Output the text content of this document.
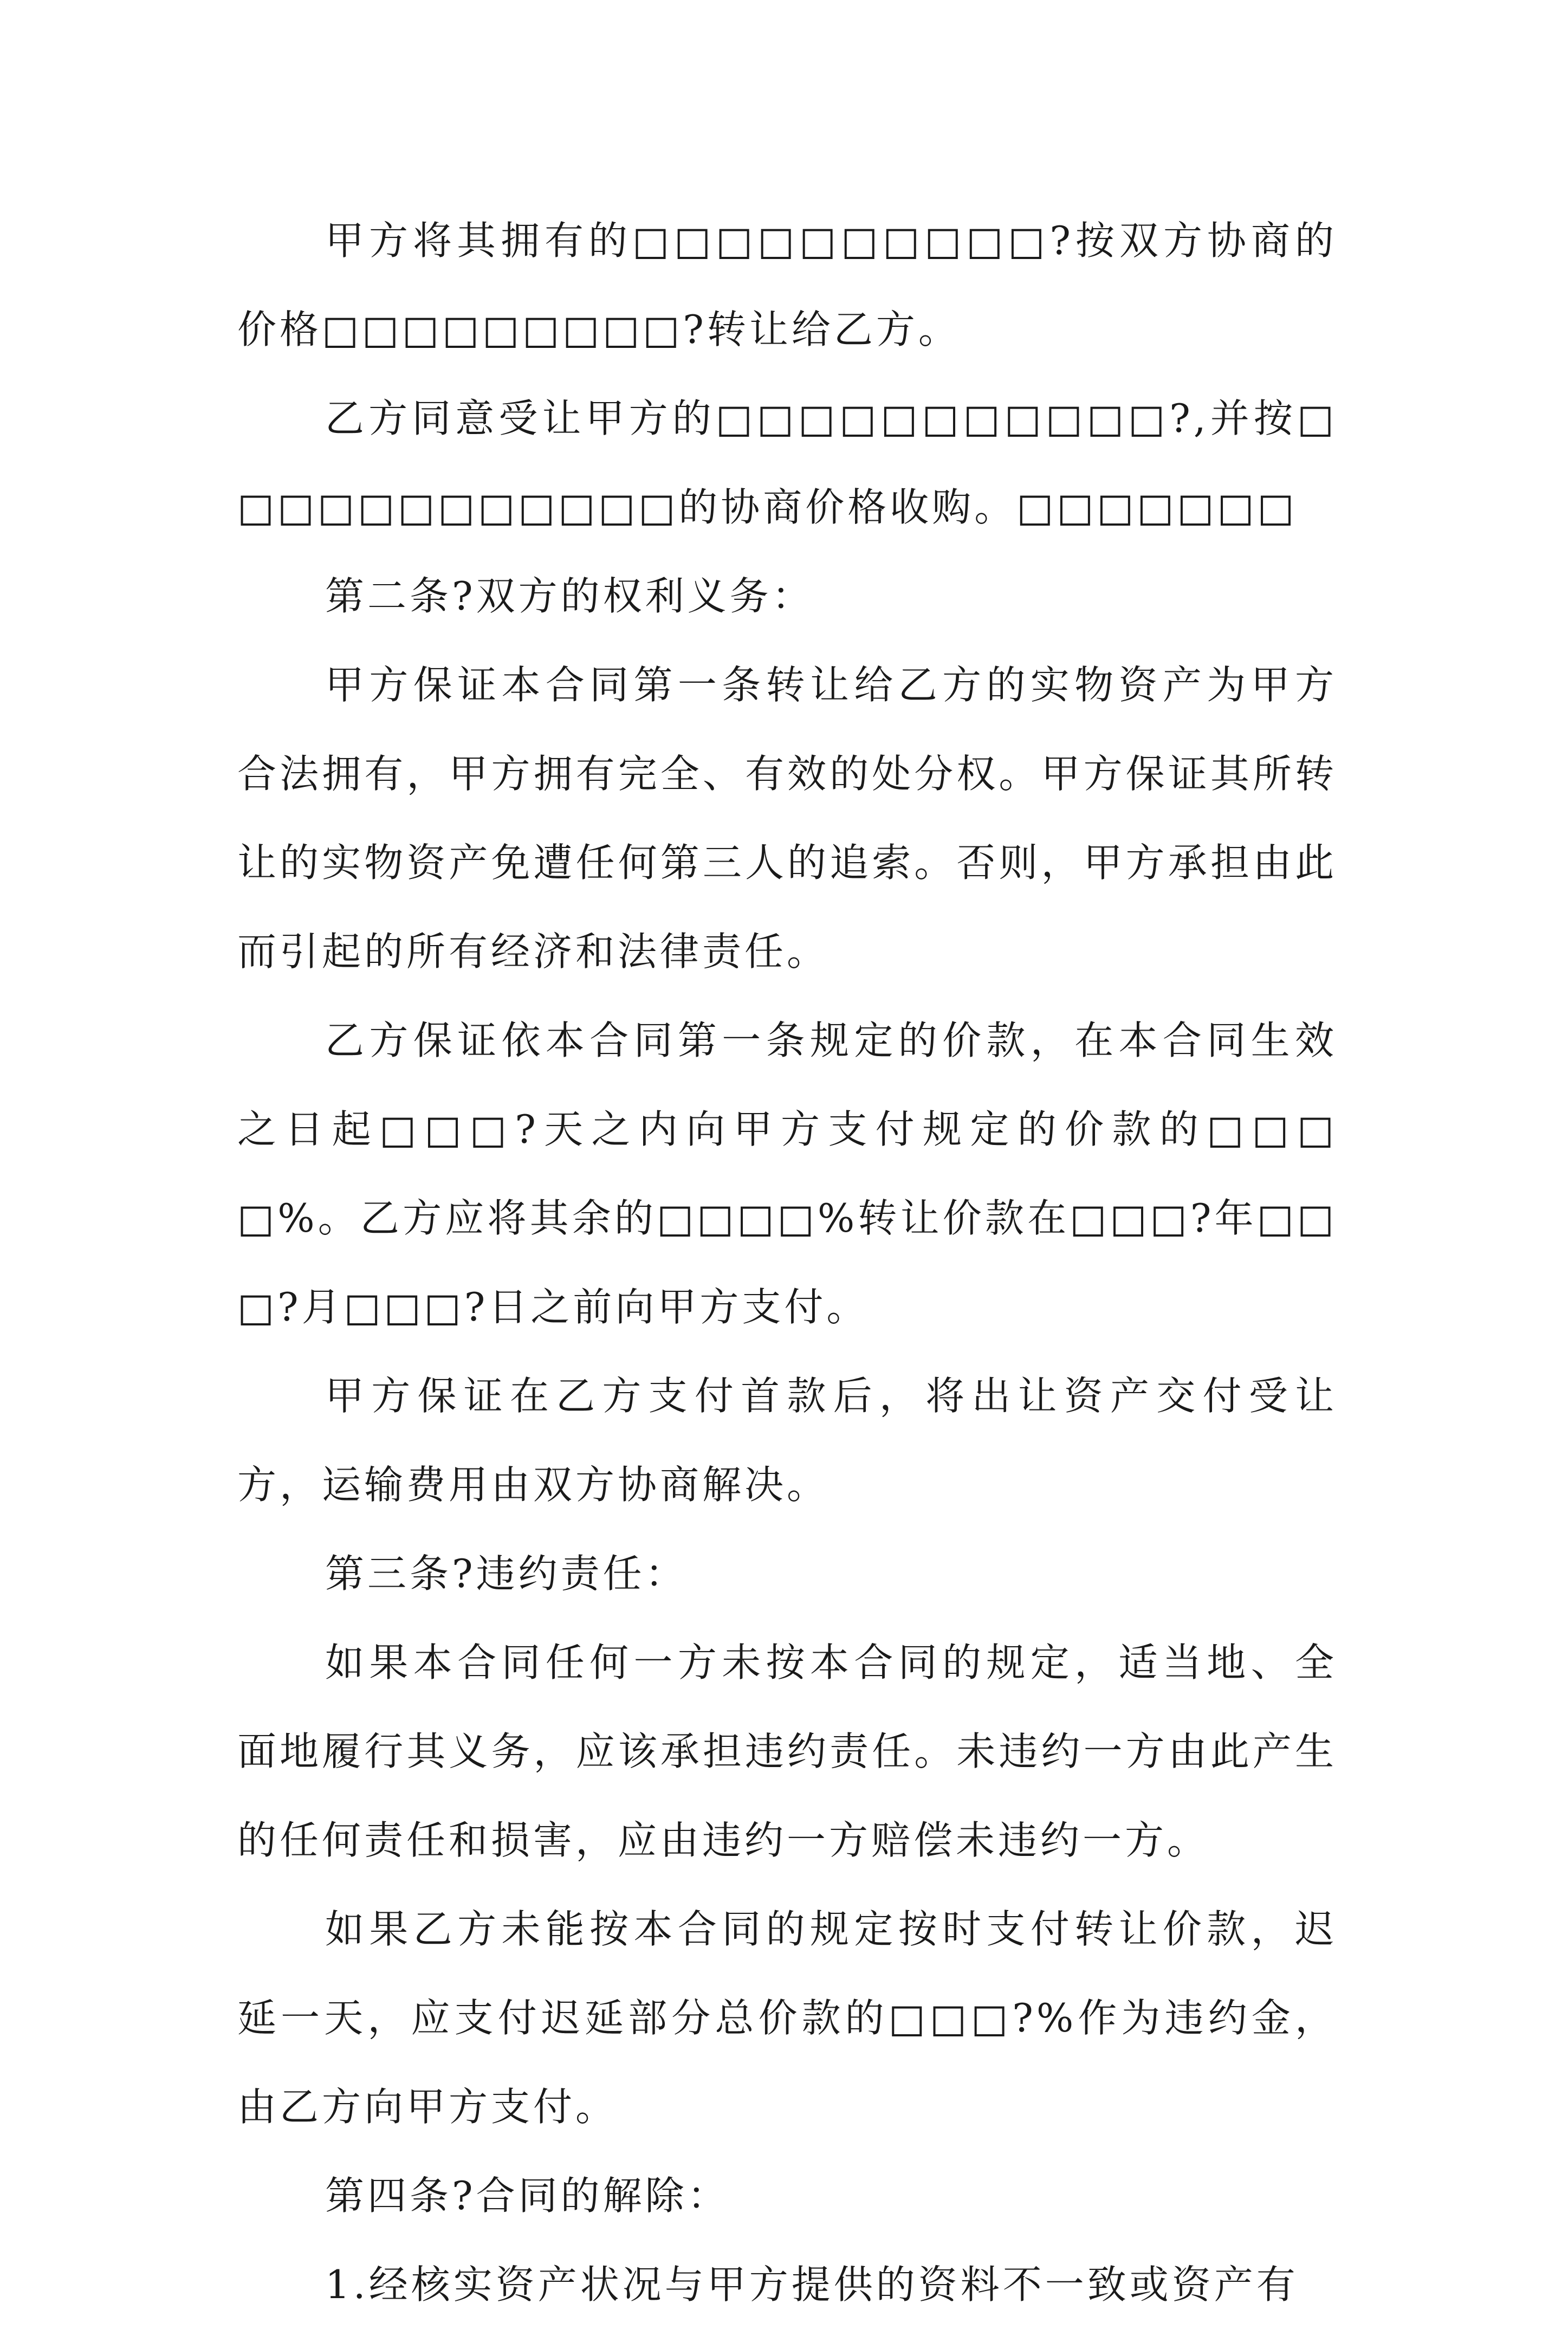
甲方将其拥有的□□□□□□□□□□?按双方协商的价格□□□□□□□□□?转让给乙方。

乙方同意受让甲方的□□□□□□□□□□□?,并按□□□□□□□□□□□□的协商价格收购。□□□□□□□

第二条?双方的权利义务：

甲方保证本合同第一条转让给乙方的实物资产为甲方合法拥有，甲方拥有完全、有效的处分权。甲方保证其所转让的实物资产免遭任何第三人的追索。否则，甲方承担由此而引起的所有经济和法律责任。

乙方保证依本合同第一条规定的价款，在本合同生效之日起□□□?天之内向甲方支付规定的价款的□□□□%。乙方应将其余的□□□□%转让价款在□□□?年□□□?月□□□?日之前向甲方支付。

甲方保证在乙方支付首款后，将出让资产交付受让方，运输费用由双方协商解决。

第三条?违约责任：

如果本合同任何一方未按本合同的规定，适当地、全面地履行其义务，应该承担违约责任。未违约一方由此产生的任何责任和损害，应由违约一方赔偿未违约一方。

如果乙方未能按本合同的规定按时支付转让价款，迟延一天，应支付迟延部分总价款的□□□?%作为违约金，由乙方向甲方支付。

第四条?合同的解除：

1.经核实资产状况与甲方提供的资料不一致或资产有
